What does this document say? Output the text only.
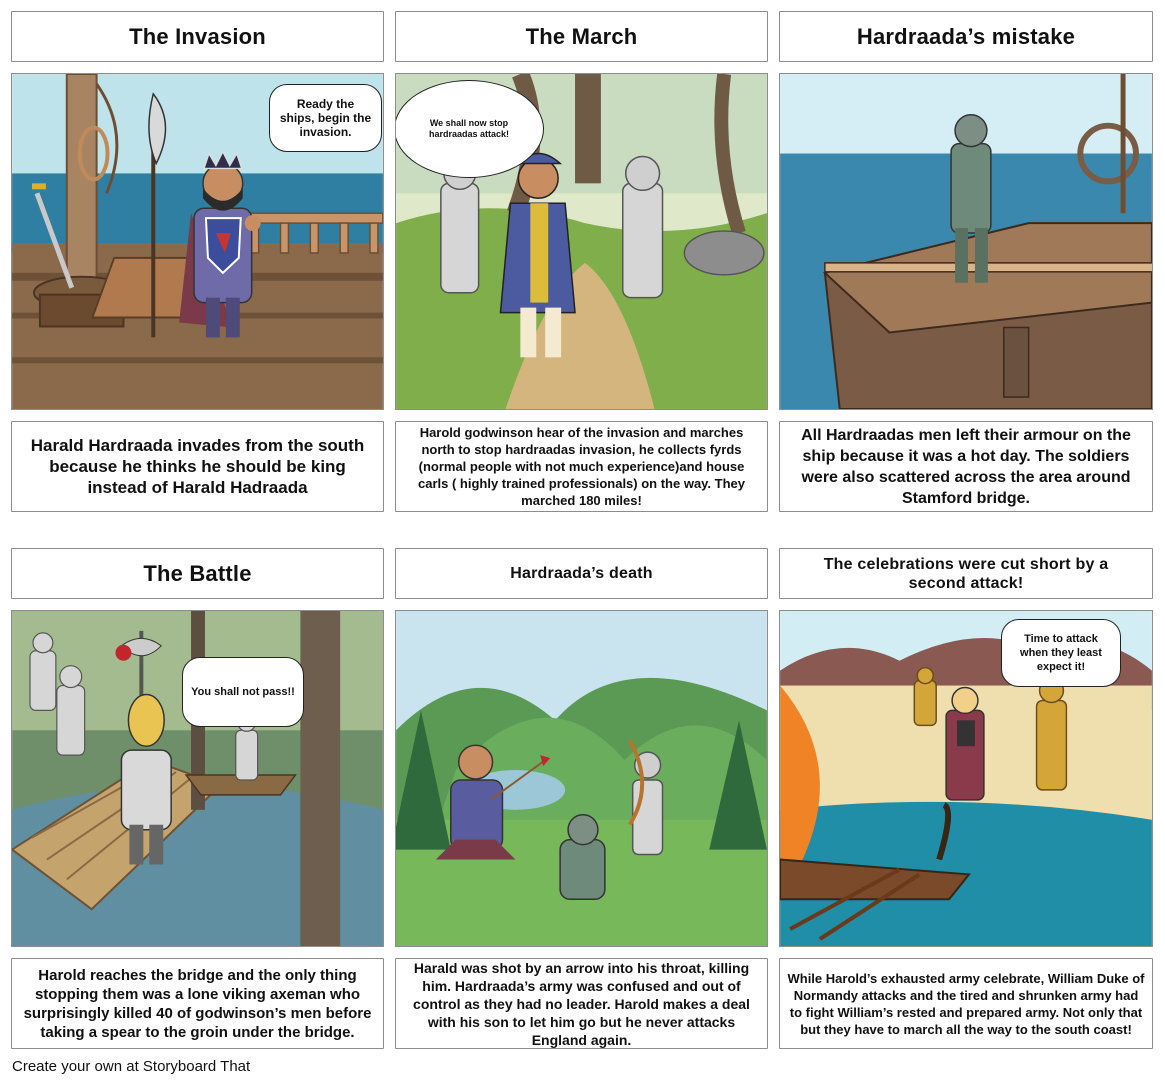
The Invasion	The March	Hardraada’s mistake
Ready the ships, begin the invasion.
We shall now stop hardraadas attack!
Harald Hardraada invades from the south because he thinks he should be king instead of Harald Hadraada
Harold godwinson hear of the invasion and marches north to stop hardraadas invasion, he collects fyrds (normal people with not much experience)and house carls ( highly trained professionals) on the way. They marched 180 miles!
All Hardraadas men left their armour on the ship because it was a hot day. The soldiers were also scattered across the area around Stamford bridge.
The Battle	Hardraada’s death
The celebrations were cut short by a second attack!
You shall not pass!!
Time to attack when they least expect it!
Harold reaches the bridge and the only thing stopping them was a lone viking axeman who surprisingly killed 40 of godwinson’s men before taking a spear to the groin under the bridge.
Harald was shot by an arrow into his throat, killing him. Hardraada’s army was confused and out of control as they had no leader. Harold makes a deal with his son to let him go but he never attacks England again.
While Harold’s exhausted army celebrate, William Duke of Normandy attacks and the tired and shrunken army had to fight William’s rested and prepared army. Not only that but they have to march all the way to the south coast!
Create your own at Storyboard That
